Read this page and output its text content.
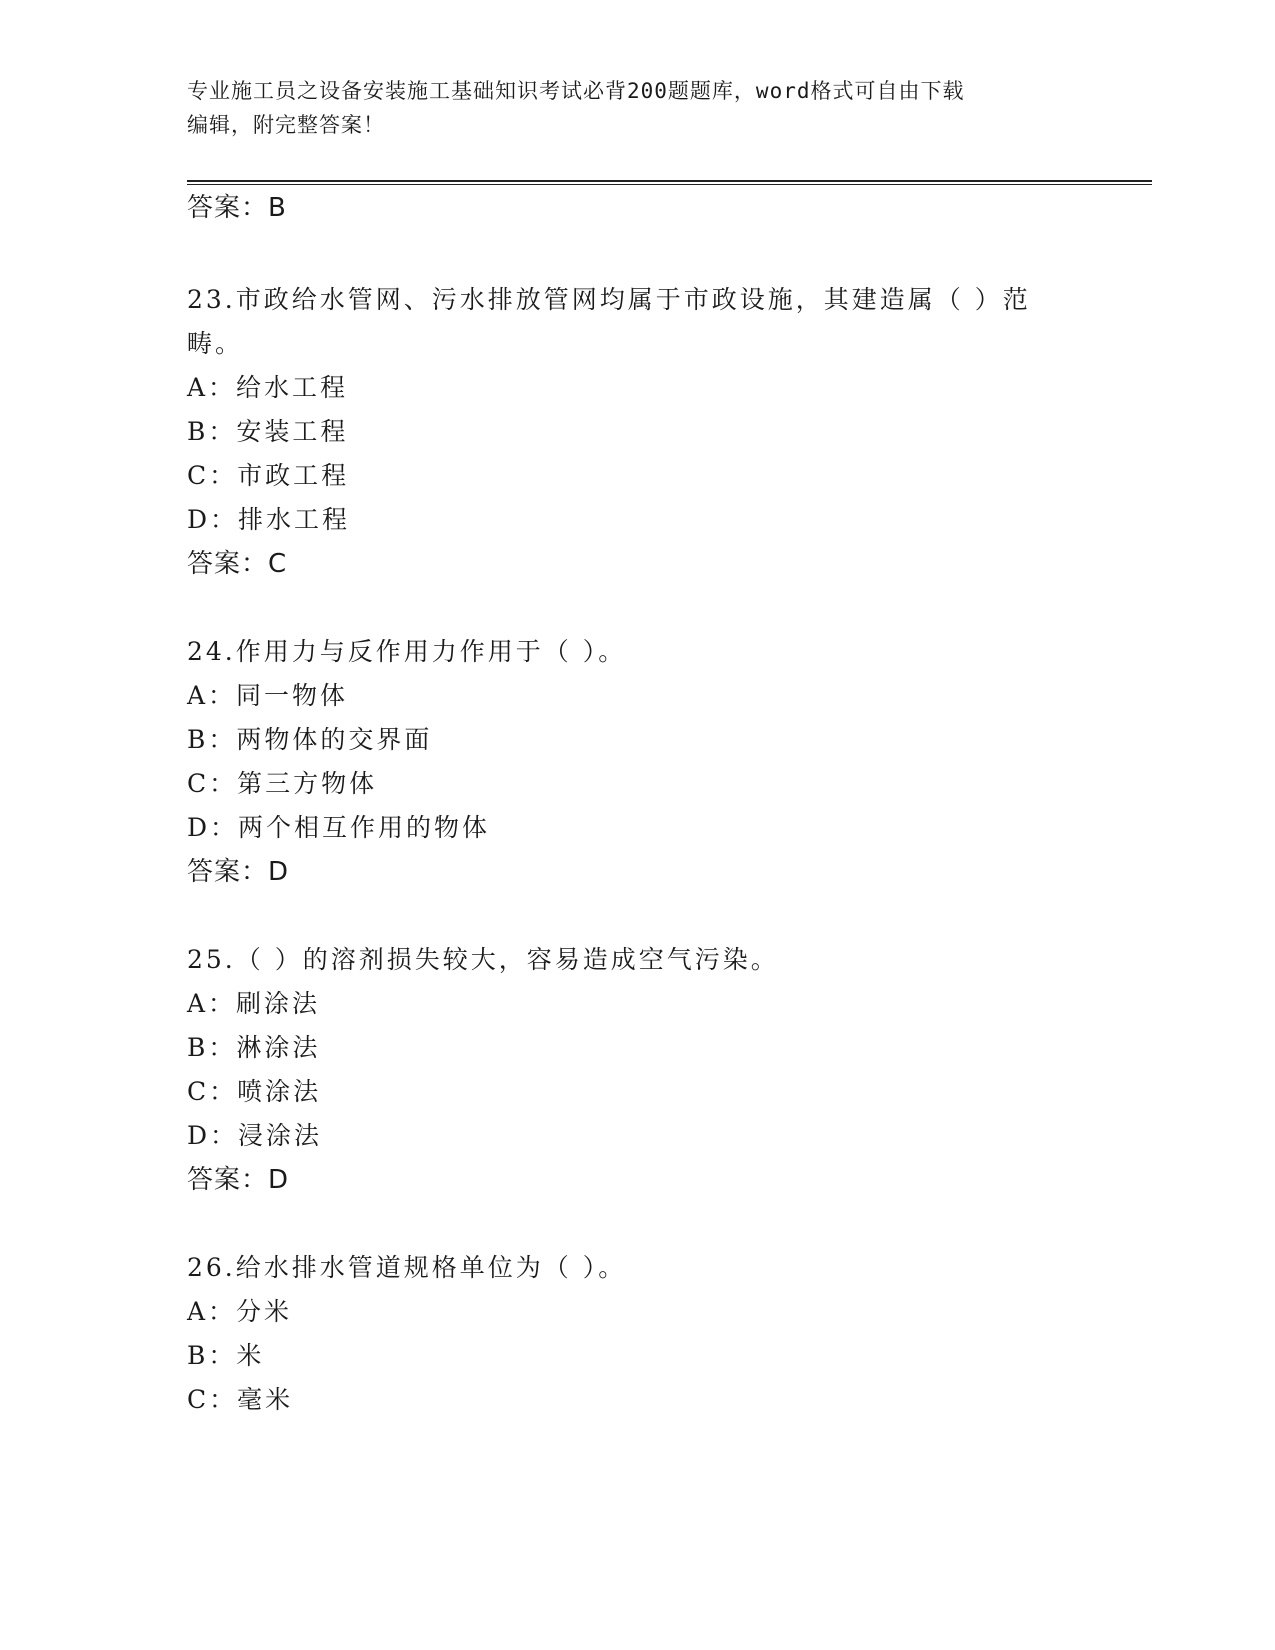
专业施工员之设备安装施工基础知识考试必背200题题库，word格式可自由下载
编辑，附完整答案！
答案：B
23.市政给水管网、污水排放管网均属于市政设施，其建造属（ ）范
畴。
A：给水工程
B：安装工程
C：市政工程
D：排水工程
答案：C
24.作用力与反作用力作用于（ ）。
A：同一物体
B：两物体的交界面
C：第三方物体
D：两个相互作用的物体
答案：D
25.（ ）的溶剂损失较大，容易造成空气污染。
A：刷涂法
B：淋涂法
C：喷涂法
D：浸涂法
答案：D
26.给水排水管道规格单位为（ ）。
A：分米
B：米
C：毫米
